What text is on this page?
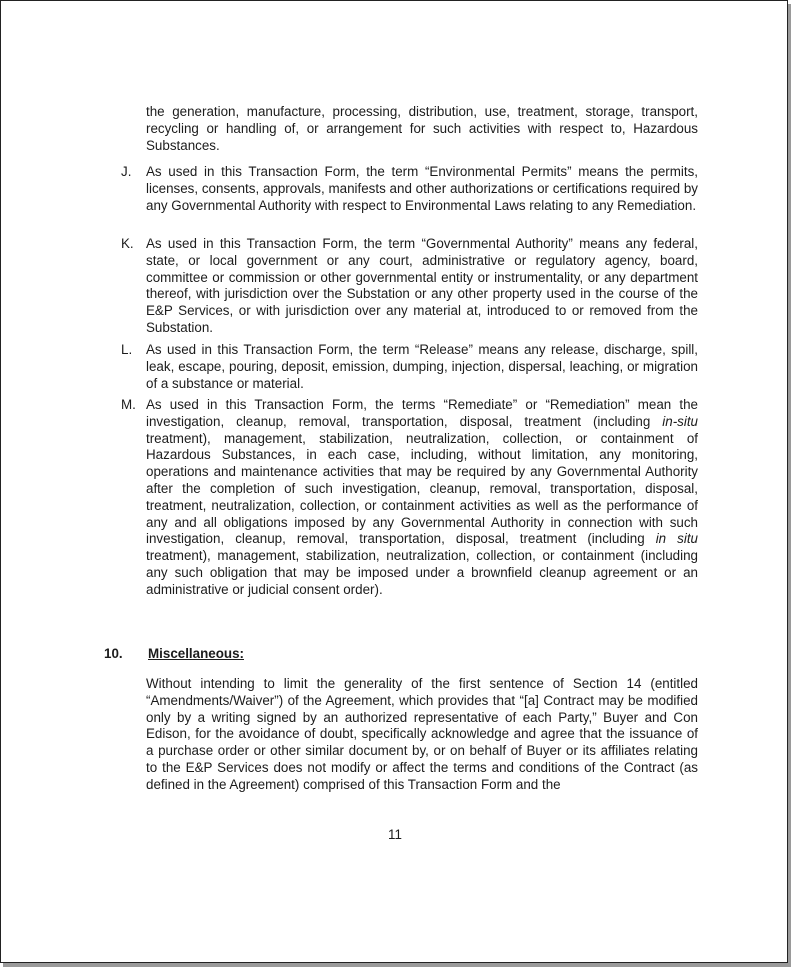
the generation, manufacture, processing, distribution, use, treatment, storage, transport, recycling or handling of, or arrangement for such activities with respect to, Hazardous Substances.

J. As used in this Transaction Form, the term “Environmental Permits” means the permits, licenses, consents, approvals, manifests and other authorizations or certifications required by any Governmental Authority with respect to Environmental Laws relating to any Remediation.
K. As used in this Transaction Form, the term “Governmental Authority” means any federal, state, or local government or any court, administrative or regulatory agency, board, committee or commission or other governmental entity or instrumentality, or any department thereof, with jurisdiction over the Substation or any other property used in the course of the E&P Services, or with jurisdiction over any material at, introduced to or removed from the Substation.
L. As used in this Transaction Form, the term “Release” means any release, discharge, spill, leak, escape, pouring, deposit, emission, dumping, injection, dispersal, leaching, or migration of a substance or material.
M. As used in this Transaction Form, the terms “Remediate” or “Remediation” mean the investigation, cleanup, removal, transportation, disposal, treatment (including in-situ treatment), management, stabilization, neutralization, collection, or containment of Hazardous Substances, in each case, including, without limitation, any monitoring, operations and maintenance activities that may be required by any Governmental Authority after the completion of such investigation, cleanup, removal, transportation, disposal, treatment, neutralization, collection, or containment activities as well as the performance of any and all obligations imposed by any Governmental Authority in connection with such investigation, cleanup, removal, transportation, disposal, treatment (including in situ treatment), management, stabilization, neutralization, collection, or containment (including any such obligation that may be imposed under a brownfield cleanup agreement or an administrative or judicial consent order).
10. Miscellaneous:

Without intending to limit the generality of the first sentence of Section 14 (entitled “Amendments/Waiver”) of the Agreement, which provides that “[a] Contract may be modified only by a writing signed by an authorized representative of each Party,” Buyer and Con Edison, for the avoidance of doubt, specifically acknowledge and agree that the issuance of a purchase order or other similar document by, or on behalf of Buyer or its affiliates relating to the E&P Services does not modify or affect the terms and conditions of the Contract (as defined in the Agreement) comprised of this Transaction Form and the

11
